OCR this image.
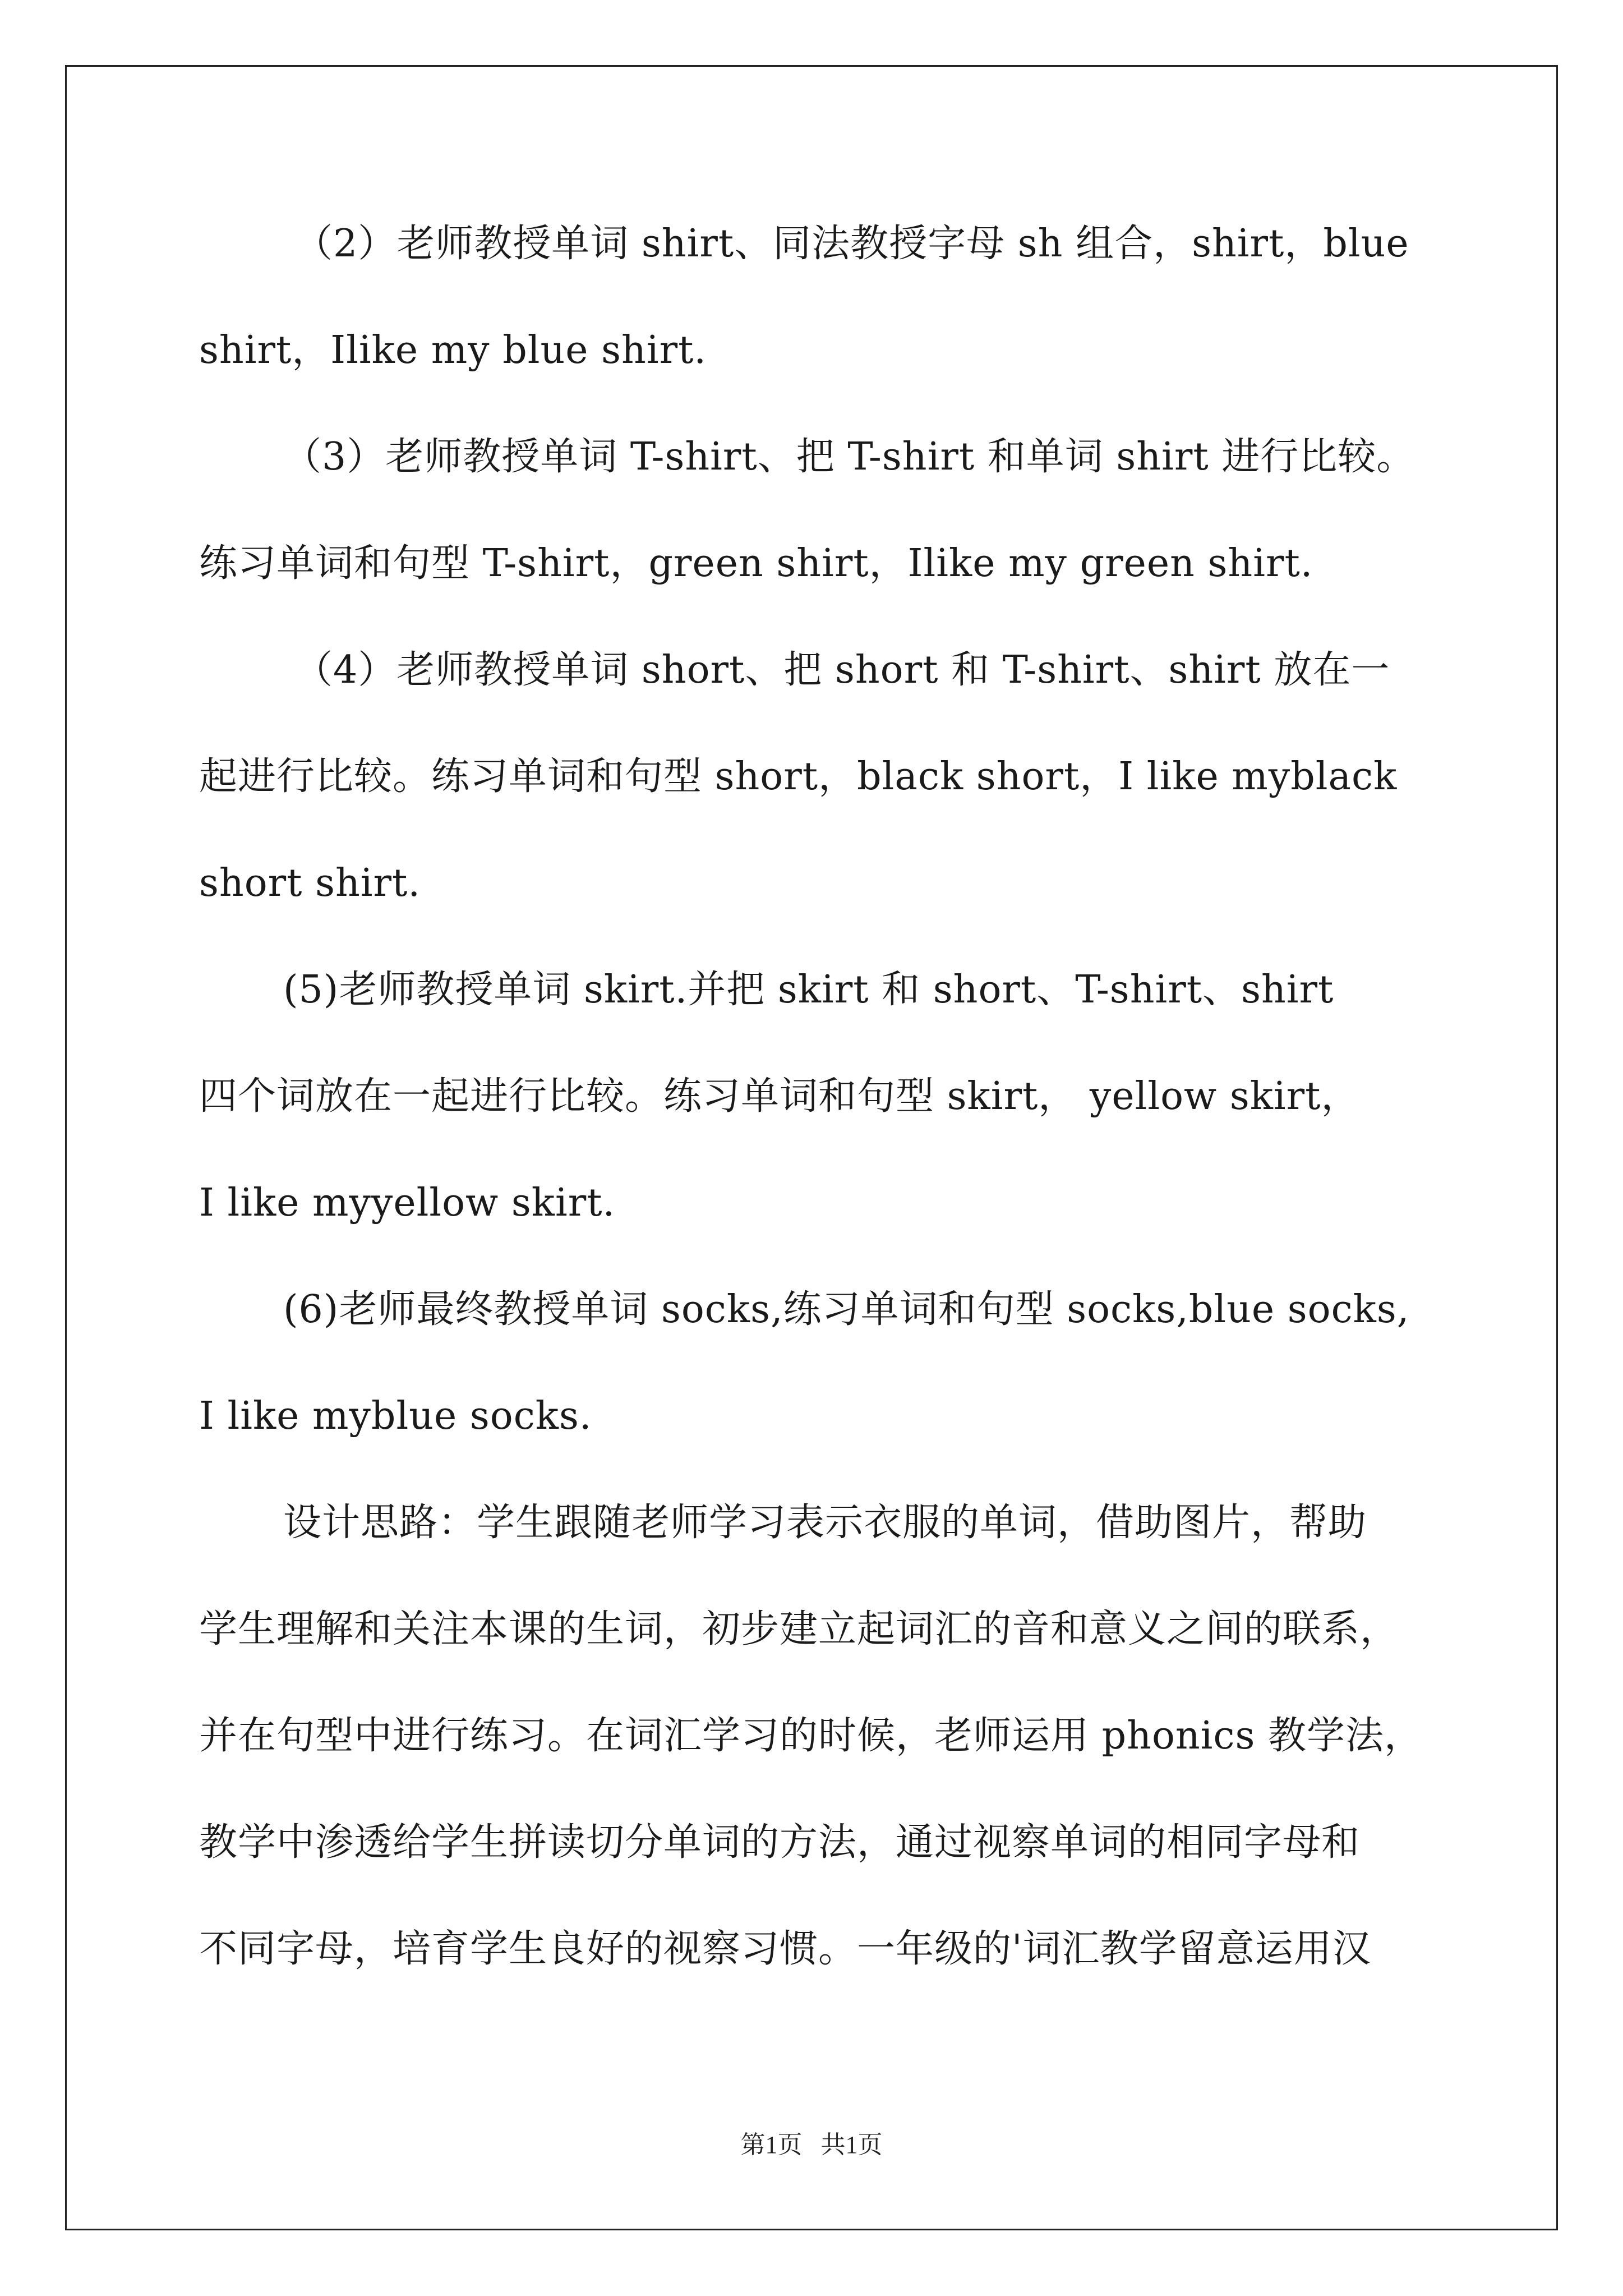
（2）老师教授单词 shirt、同法教授字母 sh 组合，shirt，blue
shirt，Ilike my blue shirt.
（3）老师教授单词 T-shirt、把 T-shirt 和单词 shirt 进行比较。
练习单词和句型 T-shirt，green shirt，Ilike my green shirt.
（4）老师教授单词 short、把 short 和 T-shirt、shirt 放在一
起进行比较。练习单词和句型 short，black short，I like myblack
short shirt.
(5)老师教授单词 skirt.并把 skirt 和 short、T-shirt、shirt
四个词放在一起进行比较。练习单词和句型 skirt， yellow skirt，
I like myyellow skirt.
(6)老师最终教授单词 socks,练习单词和句型 socks,blue socks,
I like myblue socks.
设计思路：学生跟随老师学习表示衣服的单词，借助图片，帮助
学生理解和关注本课的生词，初步建立起词汇的音和意义之间的联系，
并在句型中进行练习。在词汇学习的时候，老师运用 phonics 教学法，
教学中渗透给学生拼读切分单词的方法，通过视察单词的相同字母和
不同字母，培育学生良好的视察习惯。一年级的'词汇教学留意运用汉
第1页   共1页
